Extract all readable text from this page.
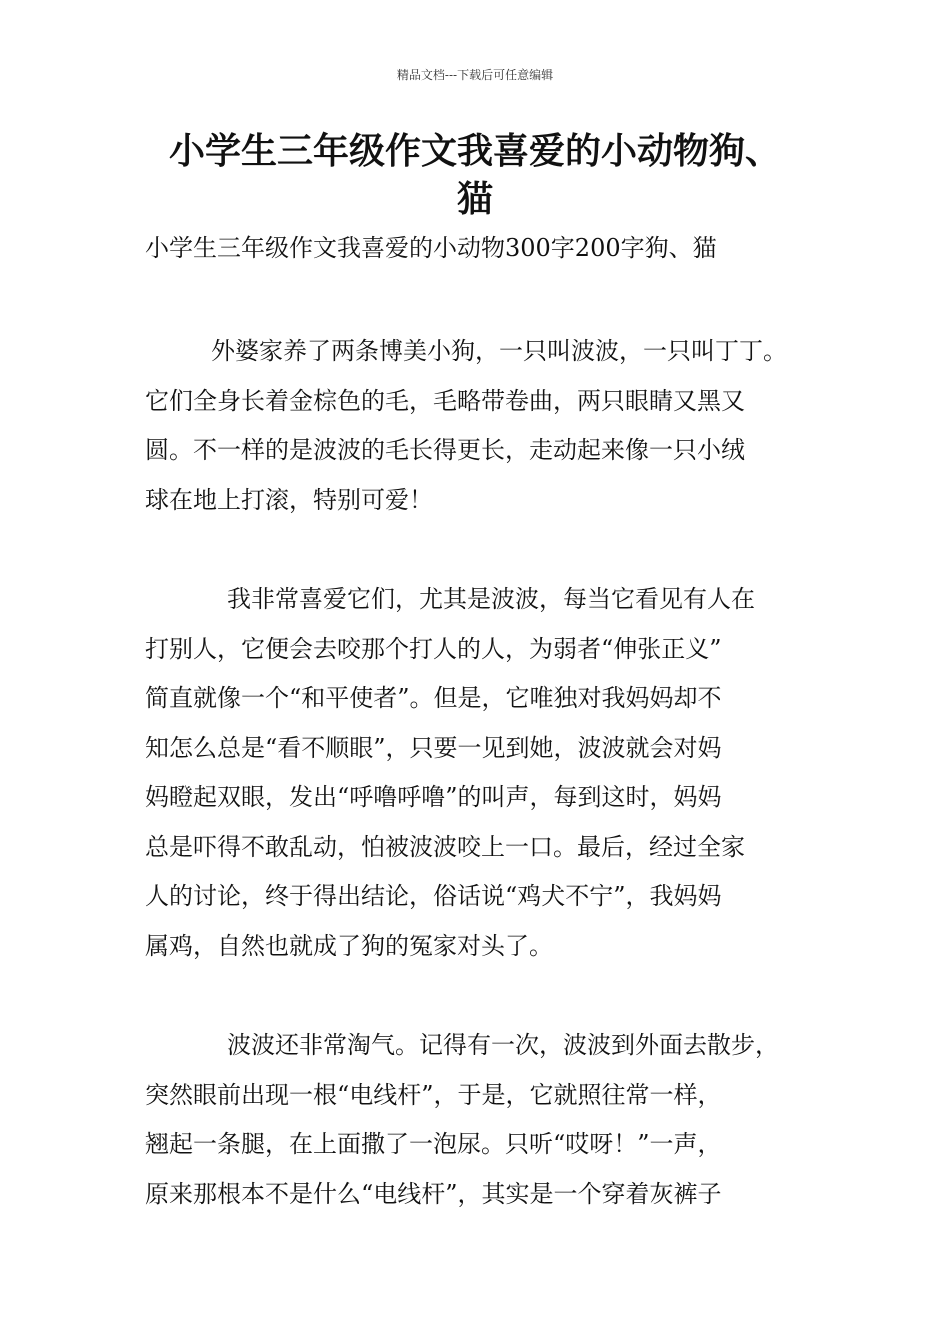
精品文档---下载后可任意编辑
小学生三年级作文我喜爱的小动物狗、
猫

小学生三年级作文我喜爱的小动物300字200字狗、猫

外婆家养了两条博美小狗，一只叫波波，一只叫丁丁。
它们全身长着金棕色的毛，毛略带卷曲，两只眼睛又黑又
圆。不一样的是波波的毛长得更长，走动起来像一只小绒
球在地上打滚，特别可爱！
我非常喜爱它们，尤其是波波，每当它看见有人在
打别人，它便会去咬那个打人的人，为弱者“伸张正义”
简直就像一个“和平使者”。但是，它唯独对我妈妈却不
知怎么总是“看不顺眼”，只要一见到她，波波就会对妈
妈瞪起双眼，发出“呼噜呼噜”的叫声，每到这时，妈妈
总是吓得不敢乱动，怕被波波咬上一口。最后，经过全家
人的讨论，终于得出结论，俗话说“鸡犬不宁”，我妈妈
属鸡，自然也就成了狗的冤家对头了。
波波还非常淘气。记得有一次，波波到外面去散步，
突然眼前出现一根“电线杆”，于是，它就照往常一样，
翘起一条腿，在上面撒了一泡尿。只听“哎呀！”一声，
原来那根本不是什么“电线杆”，其实是一个穿着灰裤子
